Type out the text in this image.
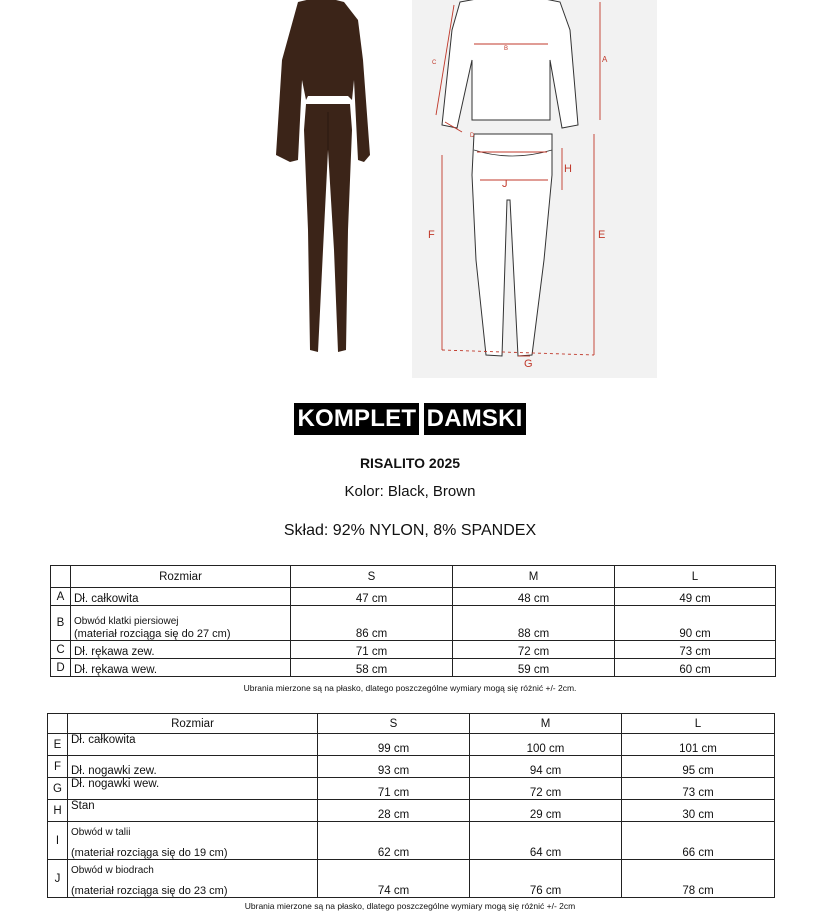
A
B
C
D
E
F
G
H
J
KOMPLET DAMSKI
RISALITO 2025
Kolor: Black, Brown
Skład: 92% NYLON, 8% SPANDEX
	Rozmiar	S	M	L
A	Dł. całkowita	47 cm	48 cm	49 cm
B	Obwód klatki piersiowej
(materiał rozciąga się do 27 cm)	86 cm	88 cm	90 cm
C	Dł. rękawa zew.	71 cm	72 cm	73 cm
D	Dł. rękawa wew.	58 cm	59 cm	60 cm
Ubrania mierzone są na płasko, dlatego poszczególne wymiary mogą się różnić +/- 2cm.
	Rozmiar	S	M	L
E	Dł. całkowita	99 cm	100 cm	101 cm
F	Dł. nogawki zew.	93 cm	94 cm	95 cm
G	Dł. nogawki wew.	71 cm	72 cm	73 cm
H	Stan	28 cm	29 cm	30 cm
I	Obwód w talii
(materiał rozciąga się do 19 cm)	62 cm	64 cm	66 cm
J	Obwód w biodrach
(materiał rozciąga się do 23 cm)	74 cm	76 cm	78 cm
Ubrania mierzone są na płasko, dlatego poszczególne wymiary mogą się różnić +/- 2cm
